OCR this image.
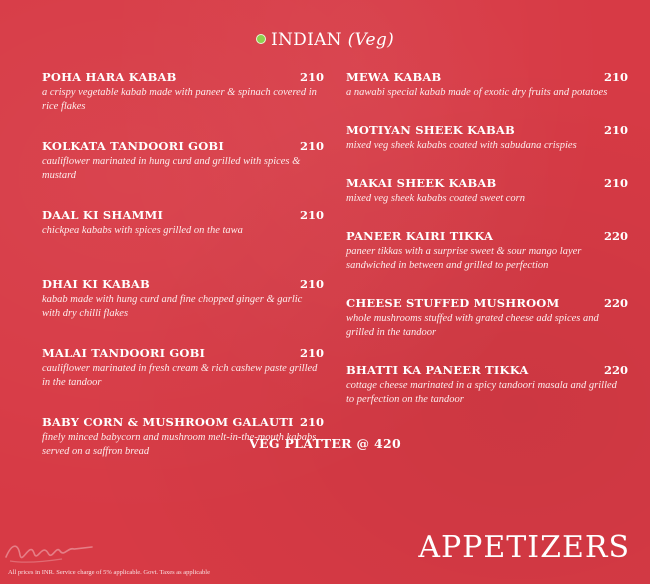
INDIAN (Veg)
POHA HARA KABAB	210
a crispy vegetable kabab made with paneer & spinach covered in rice flakes
KOLKATA TANDOORI GOBI	210
cauliflower marinated in hung curd and grilled with spices & mustard
DAAL KI SHAMMI	210
chickpea kababs with spices grilled on the tawa
DHAI KI KABAB	210
kabab made with hung curd and fine chopped ginger & garlic with dry chilli flakes
MALAI TANDOORI GOBI	210
cauliflower marinated in fresh cream & rich cashew paste grilled in the tandoor
BABY CORN & MUSHROOM GALAUTI 210
finely minced babycorn and mushroom melt-in-the-mouth kababs served on a saffron bread
MEWA KABAB	210
a nawabi special kabab made of exotic dry fruits and potatoes
MOTIYAN SHEEK KABAB	210
mixed veg sheek kababs coated with sabudana crispies
MAKAI SHEEK KABAB	210
mixed veg sheek kababs coated sweet corn
PANEER KAIRI TIKKA	220
paneer tikkas with a surprise sweet & sour mango layer sandwiched in between and grilled to perfection
CHEESE STUFFED MUSHROOM	220
whole mushrooms stuffed with grated cheese add spices and grilled in the tandoor
BHATTI KA PANEER TIKKA	220
cottage cheese marinated in a spicy tandoori masala and grilled to perfection on the tandoor
VEG PLATTER @ 420
All prices in INR. Service charge of 5% applicable. Govt. Taxes as applicable
APPETIZERS
